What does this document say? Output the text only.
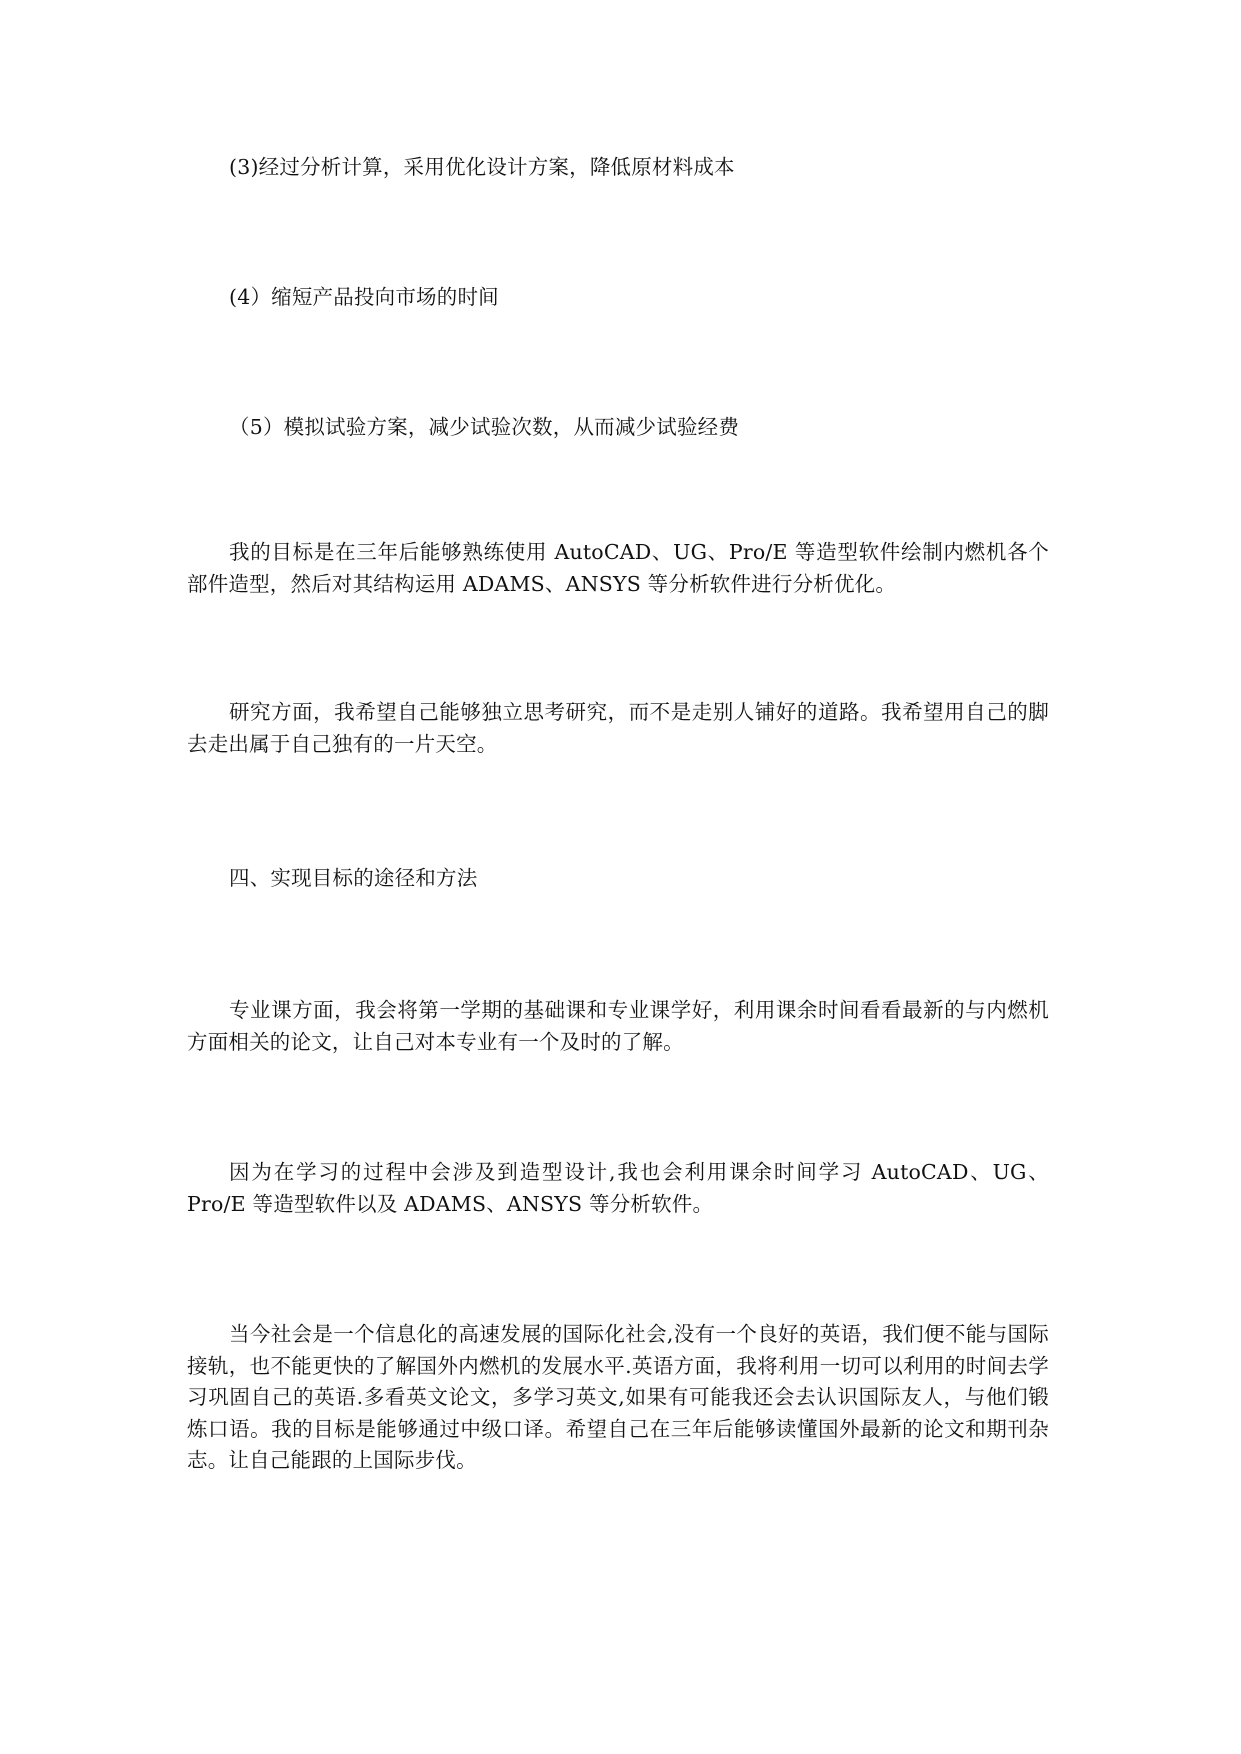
(3)经过分析计算，采用优化设计方案，降低原材料成本

(4）缩短产品投向市场的时间

（5）模拟试验方案，减少试验次数，从而减少试验经费

我的目标是在三年后能够熟练使用 AutoCAD、UG、Pro/E 等造型软件绘制内燃机各个部件造型，然后对其结构运用 ADAMS、ANSYS 等分析软件进行分析优化。

研究方面，我希望自己能够独立思考研究，而不是走别人铺好的道路。我希望用自己的脚去走出属于自己独有的一片天空。

四、实现目标的途径和方法

专业课方面，我会将第一学期的基础课和专业课学好，利用课余时间看看最新的与内燃机方面相关的论文，让自己对本专业有一个及时的了解。

因为在学习的过程中会涉及到造型设计,我也会利用课余时间学习 AutoCAD、UG、Pro/E 等造型软件以及 ADAMS、ANSYS 等分析软件。

当今社会是一个信息化的高速发展的国际化社会,没有一个良好的英语，我们便不能与国际接轨，也不能更快的了解国外内燃机的发展水平.英语方面，我将利用一切可以利用的时间去学习巩固自己的英语.多看英文论文，多学习英文,如果有可能我还会去认识国际友人，与他们锻炼口语。我的目标是能够通过中级口译。希望自己在三年后能够读懂国外最新的论文和期刊杂志。让自己能跟的上国际步伐。
